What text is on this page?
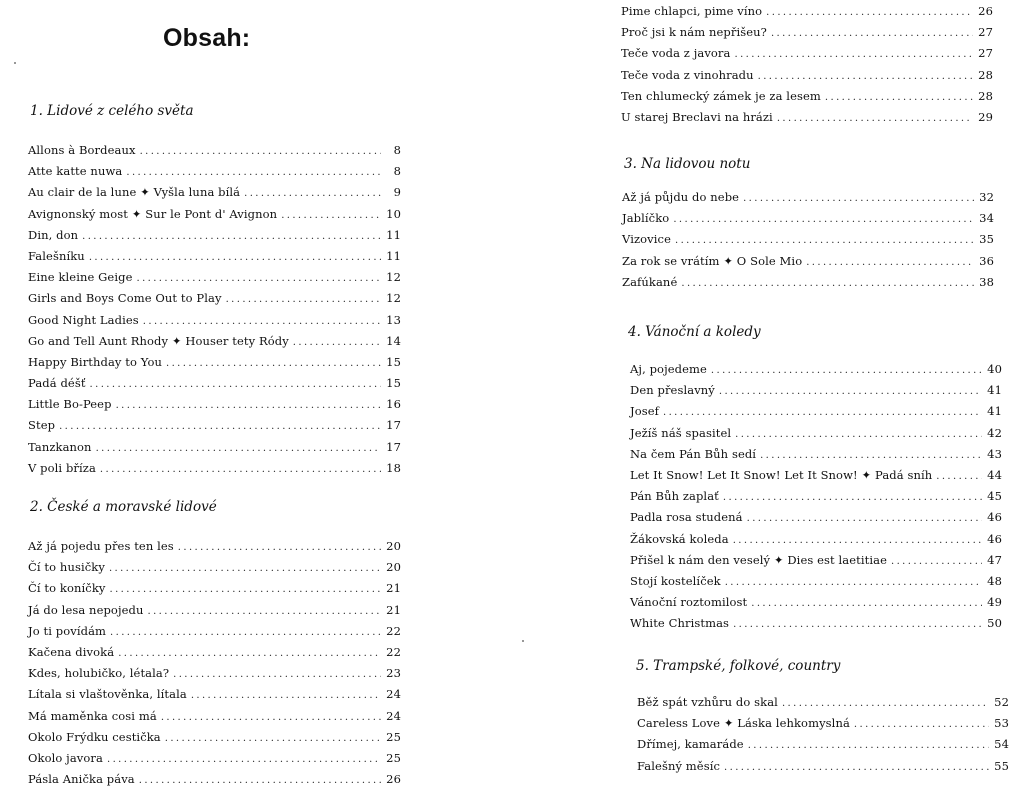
Obsah:
1. Lidové z celého světa
Allons à Bordeaux .....	8
Atte katte nuwa .....	8
Au clair de la lune ✦ Vyšla luna bílá .....	9
Avignonský most ✦ Sur le Pont d' Avignon .....	10
Din, don .....	11
Falešníku .....	11
Eine kleine Geige .....	12
Girls and Boys Come Out to Play .....	12
Good Night Ladies .....	13
Go and Tell Aunt Rhody ✦ Houser tety Ródy .....	14
Happy Birthday to You .....	15
Padá déšť .....	15
Little Bo-Peep .....	16
Step .....	17
Tanzkanon .....	17
V poli bříza .....	18
2. České a moravské lidové
Až já pojedu přes ten les .....	20
Čí to husičky .....	20
Čí to koníčky .....	21
Já do lesa nepojedu .....	21
Jo ti povídám .....	22
Kačena divoká .....	22
Kdes, holubičko, létala? .....	23
Lítala si vlaštověnka, lítala .....	24
Má maměnka cosi má .....	24
Okolo Frýdku cestička .....	25
Okolo javora .....	25
Pásla Anička páva .....	26
Pime chlapci, pime víno .....	26
Proč jsi k nám nepřišeu? .....	27
Teče voda z javora .....	27
Teče voda z vinohradu .....	28
Ten chlumecký zámek je za lesem .....	28
U starej Breclavi na hrázi .....	29
3. Na lidovou notu
Až já půjdu do nebe .....	32
Jablíčko .....	34
Vizovice .....	35
Za rok se vrátím ✦ O Sole Mio .....	36
Zafúkané .....	38
4. Vánoční a koledy
Aj, pojedeme .....	40
Den přeslavný .....	41
Josef .....	41
Ježíš náš spasitel .....	42
Na čem Pán Bůh sedí .....	43
Let It Snow! Let It Snow! Let It Snow! ✦ Padá sníh .....	44
Pán Bůh zaplať .....	45
Padla rosa studená .....	46
Žákovská koleda .....	46
Přišel k nám den veselý ✦ Dies est laetitiae .....	47
Stojí kostelíček .....	48
Vánoční roztomilost .....	49
White Christmas .....	50
5. Trampské, folkové, country
Běž spát vzhůru do skal .....	52
Careless Love ✦ Láska lehkomyslná .....	53
Dřímej, kamaráde .....	54
Falešný měsíc .....	55
